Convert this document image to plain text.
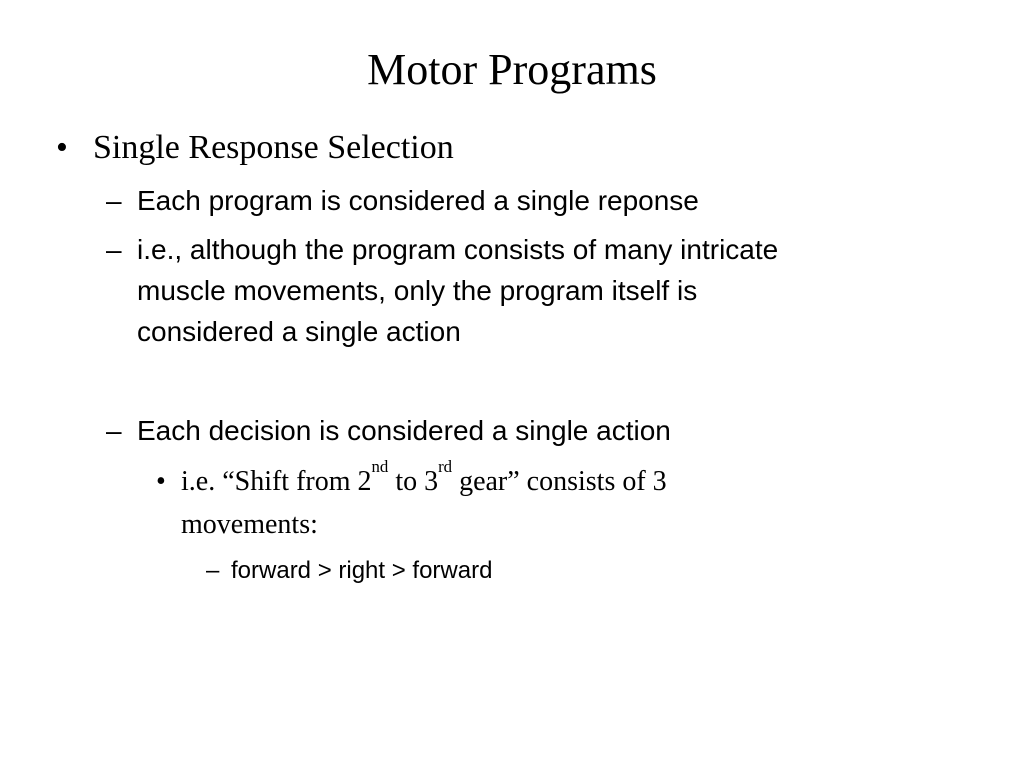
Motor Programs
• Single Response Selection
– Each program is considered a single reponse
– i.e., although the program consists of many intricate
muscle movements, only the program itself is
considered a single action
– Each decision is considered a single action
• i.e. “Shift from 2nd to 3rd gear” consists of 3
movements:
– forward > right > forward
